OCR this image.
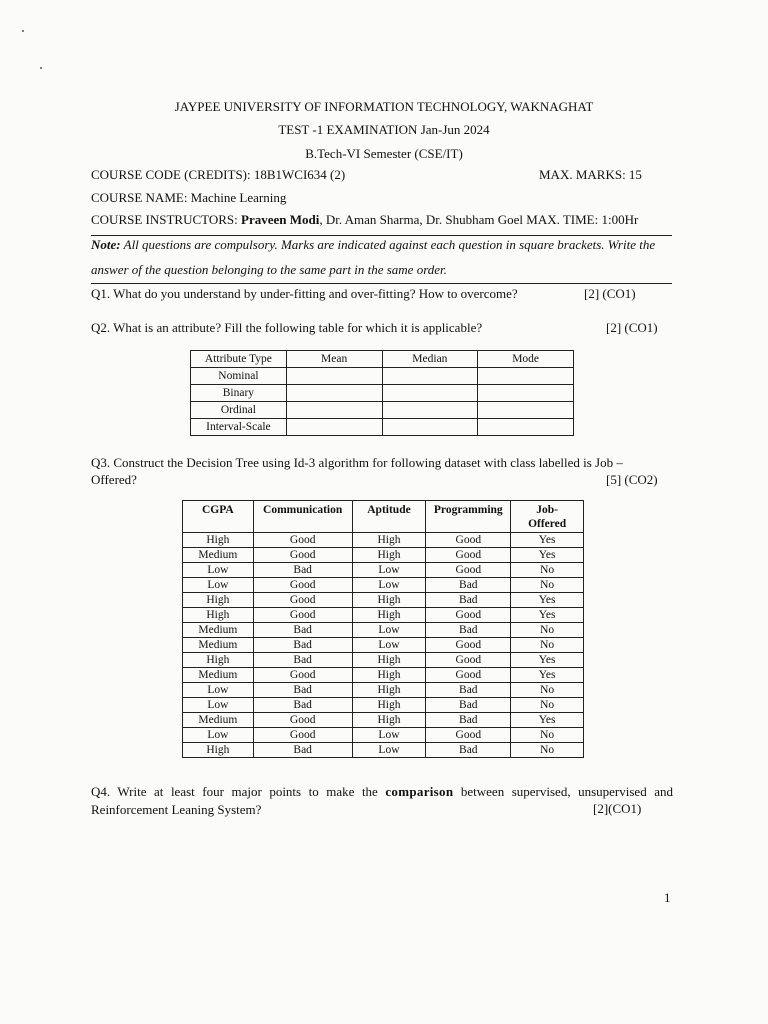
JAYPEE UNIVERSITY OF INFORMATION TECHNOLOGY, WAKNAGHAT
TEST -1 EXAMINATION Jan-Jun 2024
B.Tech-VI Semester (CSE/IT)
COURSE CODE (CREDITS): 18B1WCI634 (2)	MAX. MARKS: 15
COURSE NAME: Machine Learning
COURSE INSTRUCTORS: Praveen Modi, Dr. Aman Sharma, Dr. Shubham Goel MAX. TIME: 1:00Hr
Note: All questions are compulsory. Marks are indicated against each question in square brackets. Write the answer of the question belonging to the same part in the same order.
Q1. What do you understand by under-fitting and over-fitting? How to overcome?	[2] (CO1)
Q2. What is an attribute? Fill the following table for which it is applicable?	[2] (CO1)
Attribute Type	Mean	Median	Mode
Nominal			
Binary			
Ordinal			
Interval-Scale			
Q3. Construct the Decision Tree using Id-3 algorithm for following dataset with class labelled is Job –
Offered?	[5] (CO2)
CGPA	Communication	Aptitude	Programming	Job-
Offered
High	Good	High	Good	Yes
Medium	Good	High	Good	Yes
Low	Bad	Low	Good	No
Low	Good	Low	Bad	No
High	Good	High	Bad	Yes
High	Good	High	Good	Yes
Medium	Bad	Low	Bad	No
Medium	Bad	Low	Good	No
High	Bad	High	Good	Yes
Medium	Good	High	Good	Yes
Low	Bad	High	Bad	No
Low	Bad	High	Bad	No
Medium	Good	High	Bad	Yes
Low	Good	Low	Good	No
High	Bad	Low	Bad	No
Q4. Write at least four major points to make the comparison between supervised, unsupervised and Reinforcement Leaning System?	[2](CO1)
1
